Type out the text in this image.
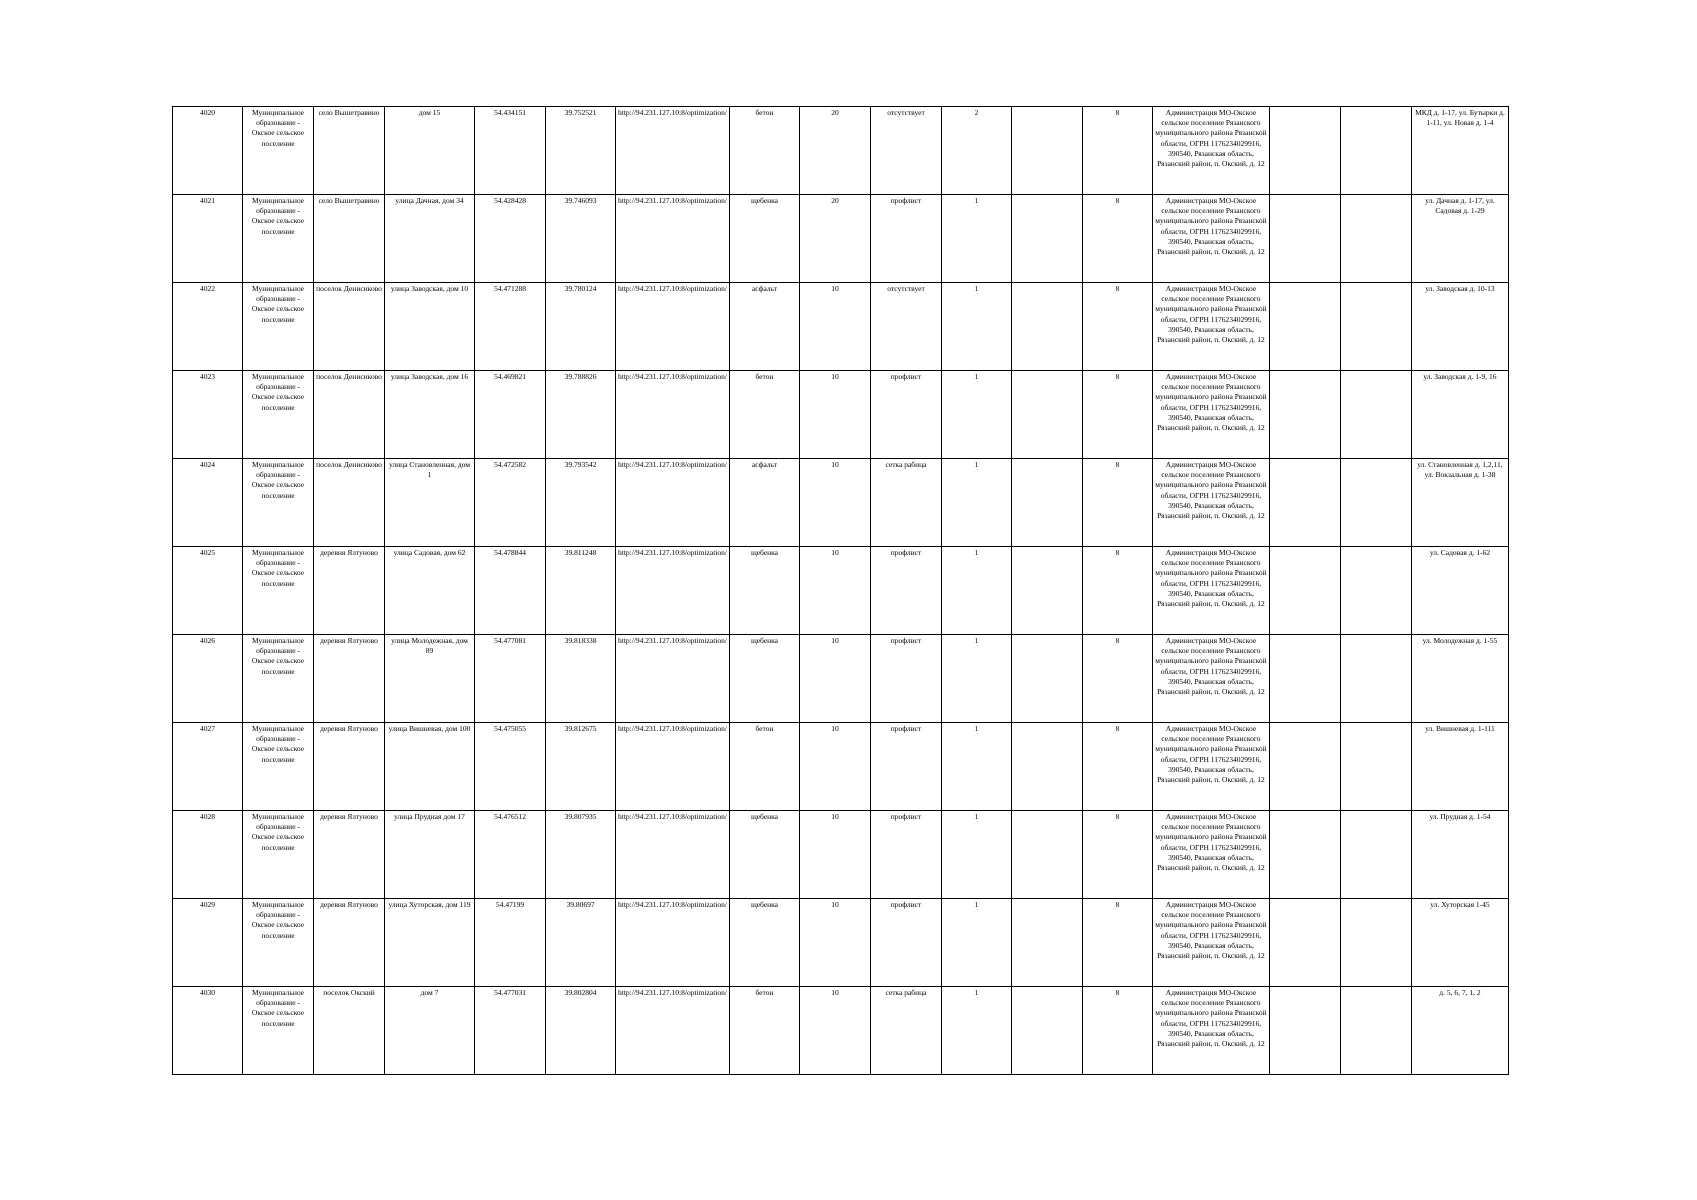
4020	Муниципальное образование - Окское сельское поселение	село Вышетравино	дом 15	54.434151	39.752521	http://94.231.127.10:8/optimization/	бетон	20	отсутствует	2		8	Администрация МО-Окское сельское поселение Рязанского муниципального района Рязанской области, ОГРН 1176234029916, 390540, Рязанская область, Рязанский район, п. Окский, д. 12			МКД д. 1-17, ул. Бутырки д. 1-11, ул. Новая д. 1-4
4021	Муниципальное образование - Окское сельское поселение	село Вышетравино	улица Дачная, дом 34	54.428428	39.746093	http://94.231.127.10:8/optimization/	щебенка	20	профлист	1		8	Администрация МО-Окское сельское поселение Рязанского муниципального района Рязанской области, ОГРН 1176234029916, 390540, Рязанская область, Рязанский район, п. Окский, д. 12			ул. Дачная д. 1-17, ул. Садовая д. 1-29
4022	Муниципальное образование - Окское сельское поселение	поселок Денисиково	улица Заводская, дом 10	54.471288	39.780124	http://94.231.127.10:8/optimization/	асфальт	10	отсутствует	1		8	Администрация МО-Окское сельское поселение Рязанского муниципального района Рязанской области, ОГРН 1176234029916, 390540, Рязанская область, Рязанский район, п. Окский, д. 12			ул. Заводская д. 10-13
4023	Муниципальное образование - Окское сельское поселение	поселок Денисиково	улица Заводская, дом 16	54.469821	39.788826	http://94.231.127.10:8/optimization/	бетон	10	профлист	1		8	Администрация МО-Окское сельское поселение Рязанского муниципального района Рязанской области, ОГРН 1176234029916, 390540, Рязанская область, Рязанский район, п. Окский, д. 12			ул. Заводская д. 1-9, 16
4024	Муниципальное образование - Окское сельское поселение	поселок Денисиково	улица Становленная, дом 1	54.472582	39.793542	http://94.231.127.10:8/optimization/	асфальт	10	сетка рабица	1		8	Администрация МО-Окское сельское поселение Рязанского муниципального района Рязанской области, ОГРН 1176234029916, 390540, Рязанская область, Рязанский район, п. Окский, д. 12			ул. Становленная д. 1,2,11, ул. Вокзальная д. 1-38
4025	Муниципальное образование - Окское сельское поселение	деревня Ялтуново	улица Садовая, дом 62	54.478844	39.811248	http://94.231.127.10:8/optimization/	щебенка	10	профлист	1		8	Администрация МО-Окское сельское поселение Рязанского муниципального района Рязанской области, ОГРН 1176234029916, 390540, Рязанская область, Рязанский район, п. Окский, д. 12			ул. Садовая д. 1-62
4026	Муниципальное образование - Окское сельское поселение	деревня Ялтуново	улица Молодежная, дом 89	54.477081	39.818338	http://94.231.127.10:8/optimization/	щебенка	10	профлист	1		8	Администрация МО-Окское сельское поселение Рязанского муниципального района Рязанской области, ОГРН 1176234029916, 390540, Рязанская область, Рязанский район, п. Окский, д. 12			ул. Молодежная д. 1-55
4027	Муниципальное образование - Окское сельское поселение	деревня Ялтуново	улица Вишневая, дом 100	54.475055	39.812675	http://94.231.127.10:8/optimization/	бетон	10	профлист	1		8	Администрация МО-Окское сельское поселение Рязанского муниципального района Рязанской области, ОГРН 1176234029916, 390540, Рязанская область, Рязанский район, п. Окский, д. 12			ул. Вишневая д. 1-111
4028	Муниципальное образование - Окское сельское поселение	деревня Ялтуново	улица Прудная дом 17	54.476512	39.807935	http://94.231.127.10:8/optimization/	щебенка	10	профлист	1		8	Администрация МО-Окское сельское поселение Рязанского муниципального района Рязанской области, ОГРН 1176234029916, 390540, Рязанская область, Рязанский район, п. Окский, д. 12			ул. Прудная д. 1-54
4029	Муниципальное образование - Окское сельское поселение	деревня Ялтуново	улица Хуторская, дом 119	54.47199	39.80697	http://94.231.127.10:8/optimization/	щебенка	10	профлист	1		8	Администрация МО-Окское сельское поселение Рязанского муниципального района Рязанской области, ОГРН 1176234029916, 390540, Рязанская область, Рязанский район, п. Окский, д. 12			ул. Хуторская 1-45
4030	Муниципальное образование - Окское сельское поселение	поселок Окский	дом 7	54.477031	39.802804	http://94.231.127.10:8/optimization/	бетон	10	сетка рабица	1		8	Администрация МО-Окское сельское поселение Рязанского муниципального района Рязанской области, ОГРН 1176234029916, 390540, Рязанская область, Рязанский район, п. Окский, д. 12			д. 5, 6, 7, 1, 2
